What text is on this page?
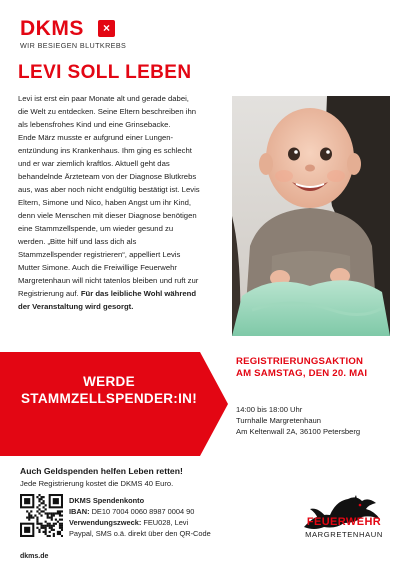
DKMS	×
WIR BESIEGEN BLUTKREBS
LEVI SOLL LEBEN
Levi ist erst ein paar Monate alt und gerade dabei,
die Welt zu entdecken. Seine Eltern beschreiben ihn
als lebensfrohes Kind und eine Grinsebacke.
Ende März musste er aufgrund einer Lungen-
entzündung ins Krankenhaus. Ihm ging es schlecht
und er war ziemlich kraftlos. Aktuell geht das
behandelnde Ärzteteam von der Diagnose Blutkrebs
aus, was aber noch nicht endgültig bestätigt ist. Levis
Eltern, Simone und Nico, haben Angst um ihr Kind,
denn viele Menschen mit dieser Diagnose benötigen
eine Stammzellspende, um wieder gesund zu
werden. „Bitte hilf und lass dich als
Stammzellspender registrieren“, appelliert Levis
Mutter Simone. Auch die Freiwillige Feuerwehr
Margretenhaun will nicht tatenlos bleiben und ruft zur
Registrierung auf. Für das leibliche Wohl während
der Veranstaltung wird gesorgt.
WERDE
STAMMZELLSPENDER:IN!
REGISTRIERUNGSAKTION
AM SAMSTAG, DEN 20. MAI
14:00 bis 18:00 Uhr
Turnhalle Margretenhaun
Am Keltenwall 2A, 36100 Petersberg
Auch Geldspenden helfen Leben retten!
Jede Registrierung kostet die DKMS 40 Euro.
DKMS Spendenkonto
IBAN: DE10 7004 0060 8987 0004 90
Verwendungszweck: FEU028, Levi
Paypal, SMS o.ä. direkt über den QR-Code
FEUERWEHR
MARGRETENHAUN
dkms.de
